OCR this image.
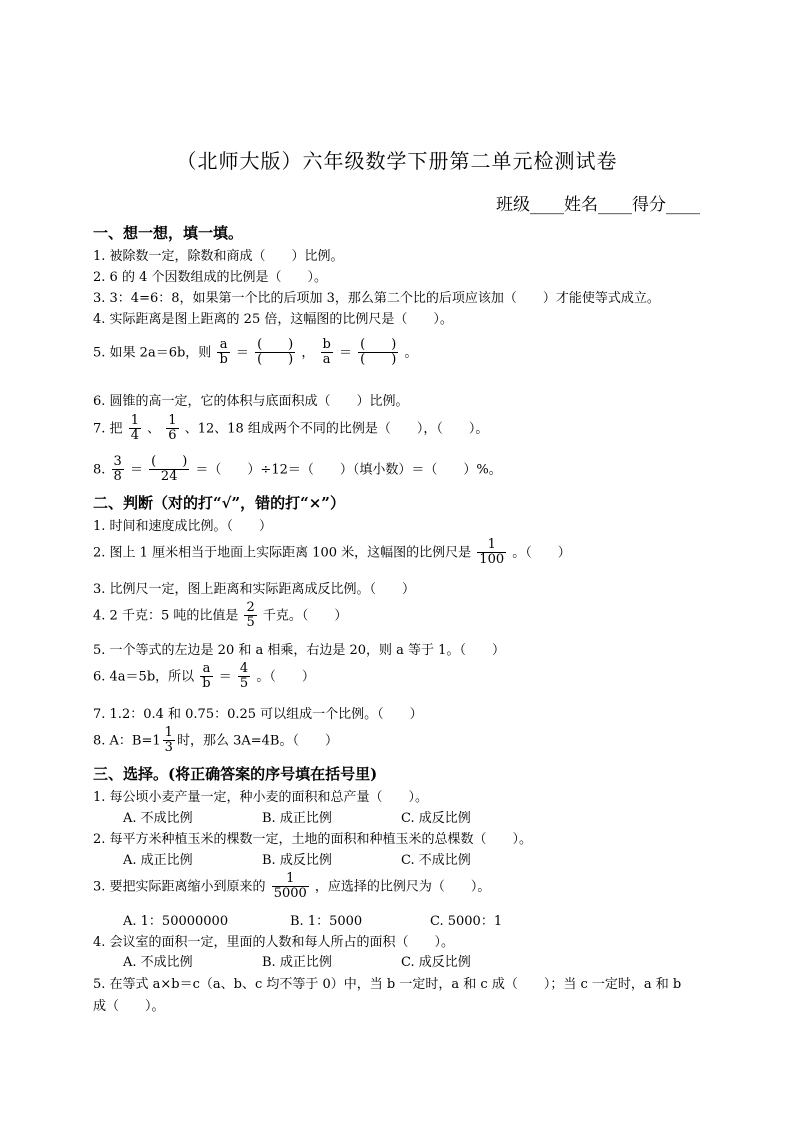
（北师大版）六年级数学下册第二单元检测试卷
班级____姓名____得分____
一、想一想，填一填。
1. 被除数一定，除数和商成（　　）比例。
2. 6 的 4 个因数组成的比例是（　　）。
3. 3：4=6：8，如果第一个比的后项加 3，那么第二个比的后项应该加（　　）才能使等式成立。
4. 实际距离是图上距离的 25 倍，这幅图的比例尺是（　　）。
5. 如果 2a＝6b，则 $\frac{a}{b} = \frac{( )}{( )}$ ， $\frac{b}{a} = \frac{( )}{( )}$ 。
6. 圆锥的高一定，它的体积与底面积成（　　）比例。
7. 把 $\frac{1}{4}$ 、 $\frac{1}{6}$ 、12、18 组成两个不同的比例是（　　），（　　）。
8. $\frac{3}{8} = \frac{( )}{24}$ ＝（　　）÷12＝（　　）（填小数）＝（　　）%。
二、判断（对的打“√”，错的打“×”）
1. 时间和速度成比例。（　　）
2. 图上 1 厘米相当于地面上实际距离 100 米，这幅图的比例尺是 $\frac{1}{100}$ 。（　　）
3. 比例尺一定，图上距离和实际距离成反比例。（　　）
4. 2 千克：5 吨的比值是 $\frac{2}{5}$ 千克。（　　）
5. 一个等式的左边是 20 和 a 相乘，右边是 20，则 a 等于 1。（　　）
6. 4a＝5b，所以 $\frac{a}{b} = \frac{4}{5}$ 。（　　）
7. 1.2：0.4 和 0.75：0.25 可以组成一个比例。（　　）
8. A：$B=1 \frac{1}{3}$ 时，那么 3A=4B。（　　）
三、选择。(将正确答案的序号填在括号里)
1. 每公顷小麦产量一定，种小麦的面积和总产量（　　）。
A. 不成比例	B. 成正比例	C. 成反比例
2. 每平方米种植玉米的棵数一定，土地的面积和种植玉米的总棵数（　　）。
A. 成正比例	B. 成反比例	C. 不成比例
3. 要把实际距离缩小到原来的 $\frac{1}{5000}$ ，应选择的比例尺为（　　）。
A. 1：50000000	B. 1：5000	C. 5000：1
4. 会议室的面积一定，里面的人数和每人所占的面积（　　）。
A. 不成比例	B. 成正比例	C. 成反比例
5. 在等式 a×b＝c（a、b、c 均不等于 0）中，当 b 一定时，a 和 c 成（　　）；当 c 一定时，a 和 b
成（　　）。
